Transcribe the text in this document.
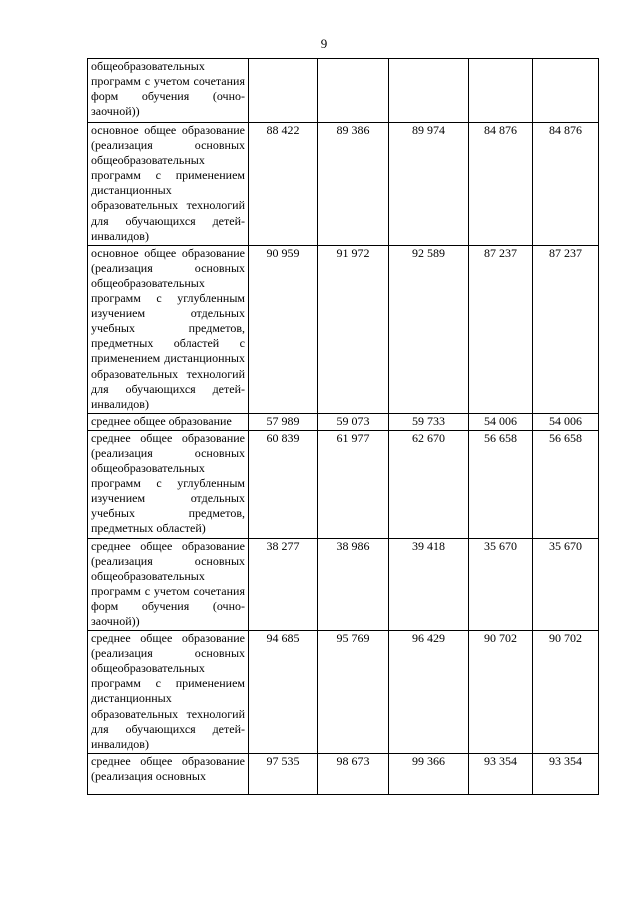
9
общеобразовательных программ с учетом сочетания форм обучения (очно-заочной))					
основное общее образование (реализация основных общеобразовательных программ с применением дистанционных образовательных технологий для обучающихся детей-инвалидов)	88 422	89 386	89 974	84 876	84 876
основное общее образование (реализация основных общеобразовательных программ с углубленным изучением отдельных учебных предметов, предметных областей с применением дистанционных образовательных технологий для обучающихся детей-инвалидов)	90 959	91 972	92 589	87 237	87 237
среднее общее образование	57 989	59 073	59 733	54 006	54 006
среднее общее образование (реализация основных общеобразовательных программ с углубленным изучением отдельных учебных предметов, предметных областей)	60 839	61 977	62 670	56 658	56 658
среднее общее образование (реализация основных общеобразовательных программ с учетом сочетания форм обучения (очно-заочной))	38 277	38 986	39 418	35 670	35 670
среднее общее образование (реализация основных общеобразовательных программ с применением дистанционных образовательных технологий для обучающихся детей-инвалидов)	94 685	95 769	96 429	90 702	90 702
среднее общее образование (реализация основных	97 535	98 673	99 366	93 354	93 354
